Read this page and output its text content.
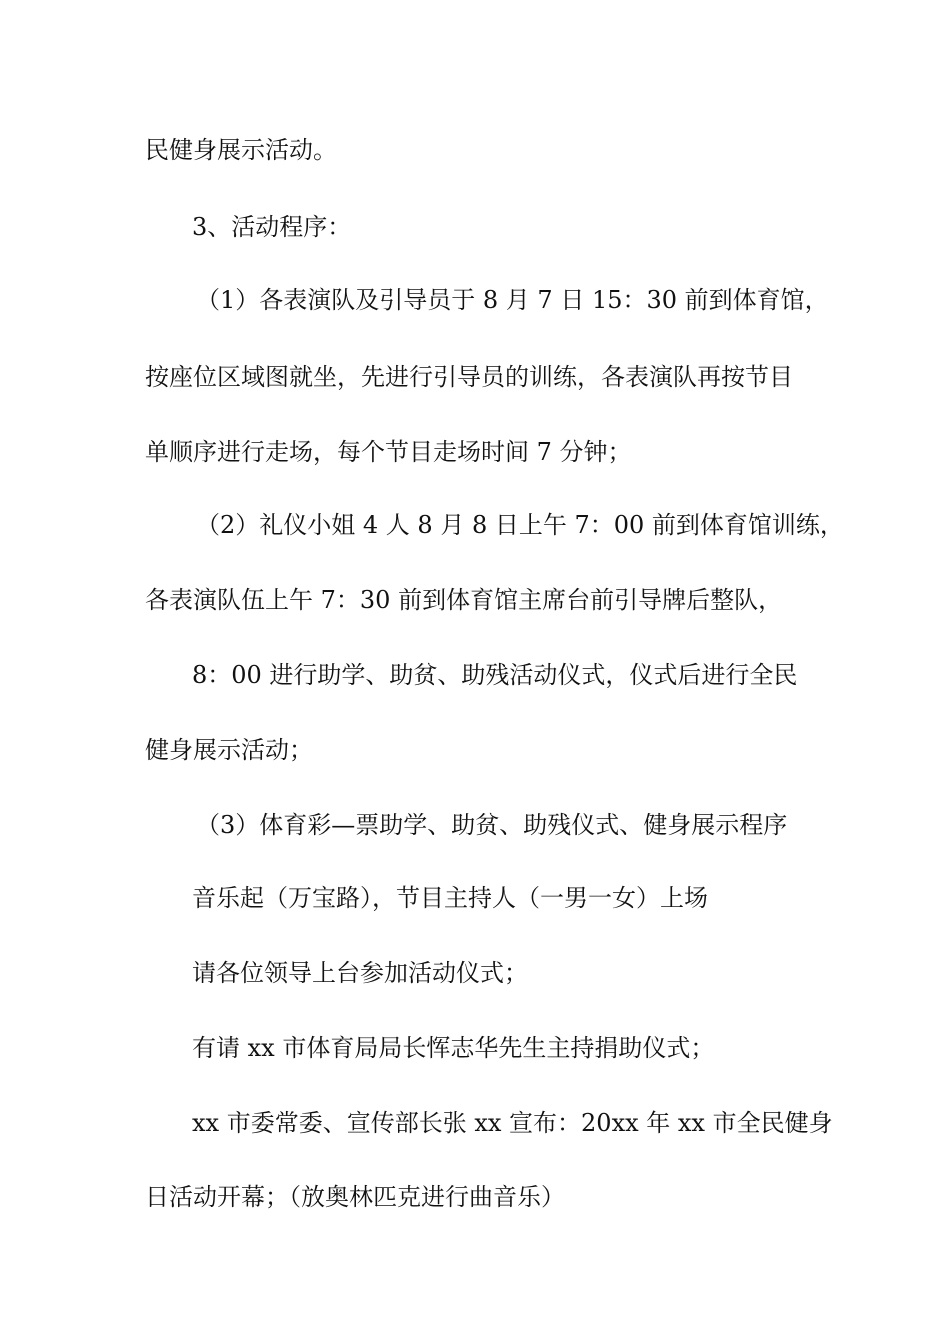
民健身展示活动。
3、活动程序：
（1）各表演队及引导员于 8 月 7 日 15：30 前到体育馆，
按座位区域图就坐，先进行引导员的训练，各表演队再按节目
单顺序进行走场，每个节目走场时间 7 分钟；
（2）礼仪小姐 4 人 8 月 8 日上午 7：00 前到体育馆训练，
各表演队伍上午 7：30 前到体育馆主席台前引导牌后整队，
8：00 进行助学、助贫、助残活动仪式，仪式后进行全民
健身展示活动；
（3）体育彩—票助学、助贫、助残仪式、健身展示程序
音乐起（万宝路），节目主持人（一男一女）上场
请各位领导上台参加活动仪式；
有请 xx 市体育局局长恽志华先生主持捐助仪式；
xx 市委常委、宣传部长张 xx 宣布：20xx 年 xx 市全民健身
日活动开幕；（放奥林匹克进行曲音乐）
